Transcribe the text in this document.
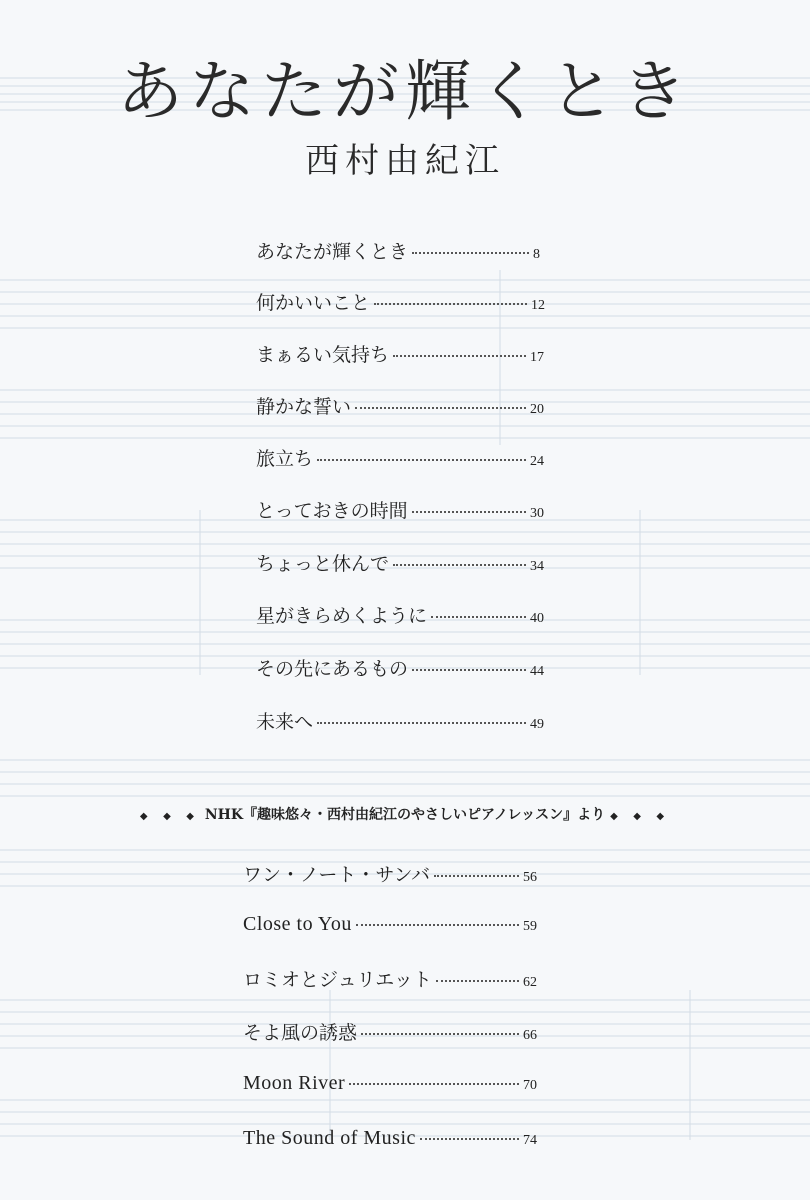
あなたが輝くとき
西村由紀江
あなたが輝くとき	8
何かいいこと	12
まぁるい気持ち	17
静かな誓い	20
旅立ち	24
とっておきの時間	30
ちょっと休んで	34
星がきらめくように	40
その先にあるもの	44
未来へ	49
◆ ◆ ◆ NHK『趣味悠々・西村由紀江のやさしいピアノレッスン』より ◆ ◆ ◆
ワン・ノート・サンバ	56
Close to You	59
ロミオとジュリエット	62
そよ風の誘惑	66
Moon River	70
The Sound of Music	74
